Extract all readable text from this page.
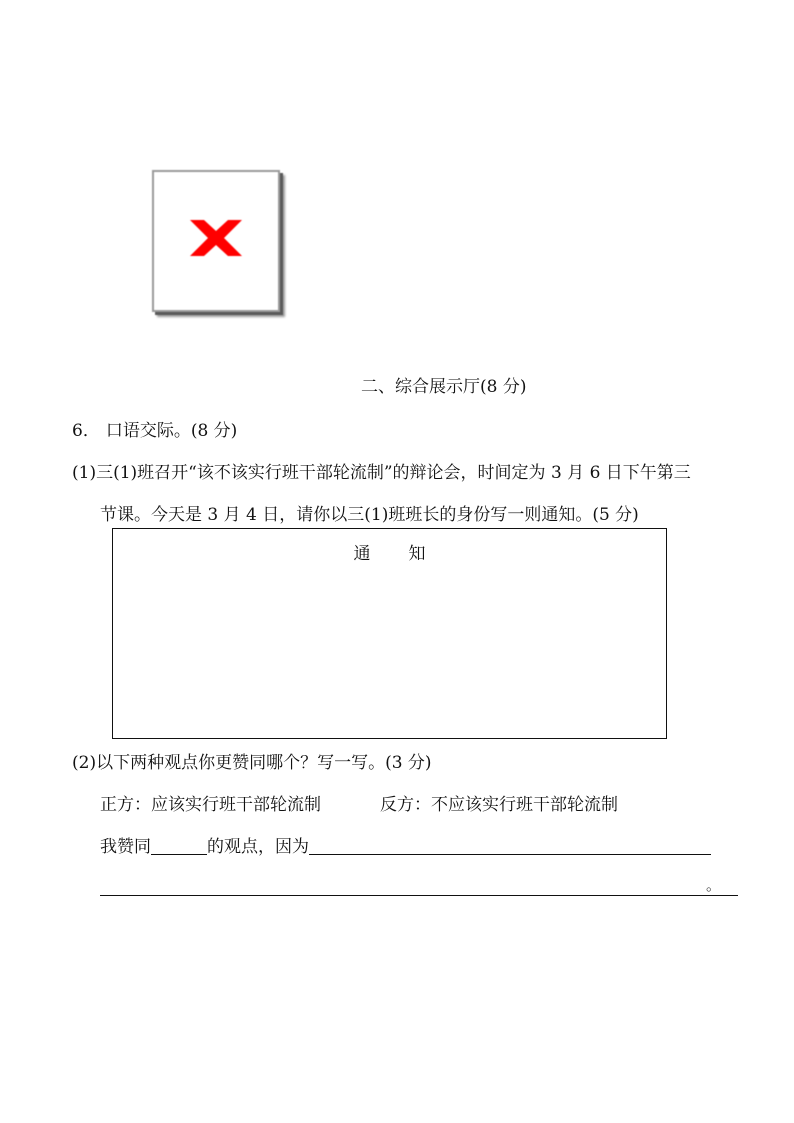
二、综合展示厅(8 分)
6． 口语交际。(8 分)
(1)三(1)班召开“该不该实行班干部轮流制”的辩论会，时间定为 3 月 6 日下午第三
节课。今天是 3 月 4 日，请你以三(1)班班长的身份写一则通知。(5 分)
通 知
(2)以下两种观点你更赞同哪个？写一写。(3 分)
正方：应该实行班干部轮流制	反方：不应该实行班干部轮流制
我赞同	的观点，因为
。
